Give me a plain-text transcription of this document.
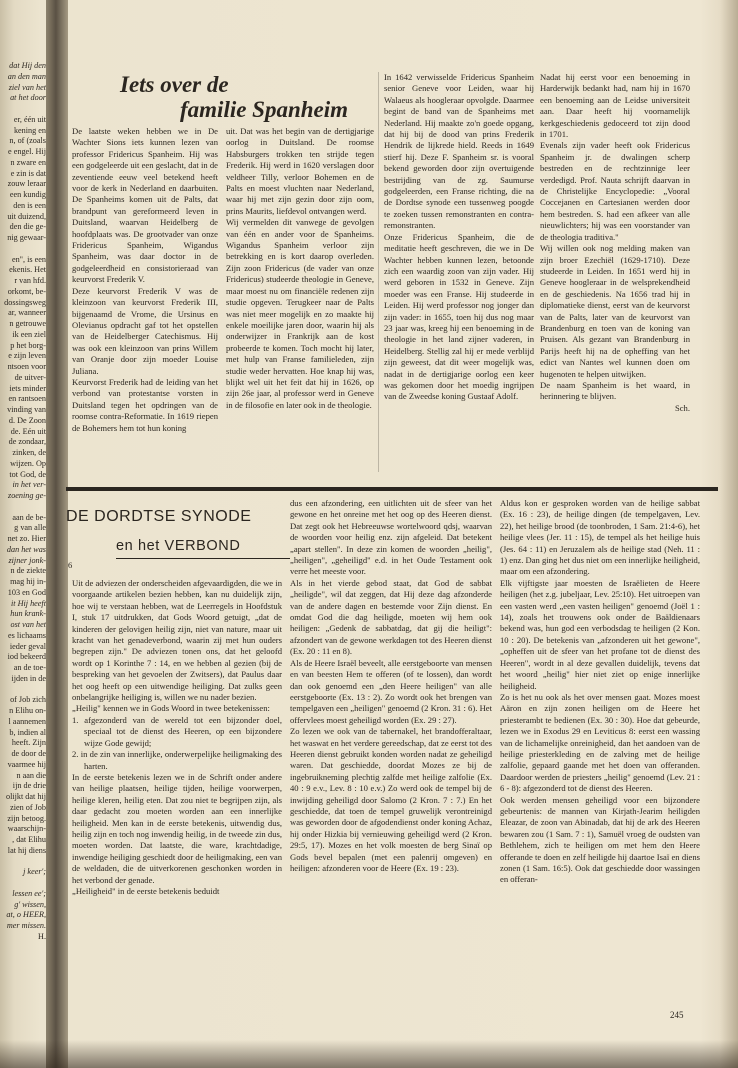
dat Hij den
an den man
ziel van het
at het door
er, één uit
kening en
n, of (zoals
e engel. Hij
n zware en
e zin is dat
zouw leraar
een kundig
den is een
uit duizend,
den die ge-
nig gewaar-
en", is een
ekenis. Het
r van hfd.
orkomt, be-
dossingsweg
ar, wanneer
n getrouwe
ik een ziel
p het borg-
e zijn leven
ntsoen voor
de uitver-
iets minder
en rantsoen
vinding van
d. De Zoon
de. Eén uit
de zondaar,
zinken, de
wijzen. Op
tot God, de
in het ver-
zoening ge-
aan de be-
g van alle
net zo. Hier
dan het was
zijner jonk-
n de ziekte
mag hij in-
103 en God
it Hij heeft
hun krank-
ost van het
es lichaams
ieder geval
iod bekeerd
an de toe-
ijden in de
of Job zich
n Elihu on-
l aannemen
b, indien al
heeft. Zijn
de door de
vaarmee hij
n aan die
ijn de drie
olijkt dat hij
zien of Job
zijn betoog.
waarschijn-
, dat Elihu
lat hij diens
j keer';
lessen ee';
g' wissen,
at, o HEER,
mer missen.
H.
Iets over de
familie Spanheim

De laatste weken hebben we in De Wachter Sions iets kunnen lezen van professor Fridericus Spanheim. Hij was een godgeleerde uit een geslacht, dat in de zeventiende eeuw veel betekend heeft voor de kerk in Nederland en daarbuiten. De Spanheims komen uit de Palts, dat brandpunt van gereformeerd leven in Duitsland, waarvan Heidelberg de hoofdplaats was. De grootvader van onze Fridericus Spanheim, Wigandus Spanheim, was daar doctor in de godgeleerdheid en consistorieraad van keurvorst Frederik V.

Deze keurvorst Frederik V was de kleinzoon van keurvorst Frederik III, bijgenaamd de Vrome, die Ursinus en Olevianus opdracht gaf tot het opstellen van de Heidelberger Catechismus. Hij was ook een kleinzoon van prins Willem van Oranje door zijn moeder Louise Juliana.

Keurvorst Frederik had de leiding van het verbond van protestantse vorsten in Duitsland tegen het opdringen van de roomse contra-Reformatie. In 1619 riepen de Bohemers hem tot hun koning

uit. Dat was het begin van de dertigjarige oorlog in Duitsland. De roomse Habsburgers trokken ten strijde tegen Frederik. Hij werd in 1620 verslagen door veldheer Tilly, verloor Bohemen en de Palts en moest vluchten naar Nederland, waar hij met zijn gezin door zijn oom, prins Maurits, liefdevol ontvangen werd.

Wij vermelden dit vanwege de gevolgen van één en ander voor de Spanheims. Wigandus Spanheim verloor zijn betrekking en is kort daarop overleden. Zijn zoon Fridericus (de vader van onze Fridericus) studeerde theologie in Geneve, maar moest nu om financiële redenen zijn studie opgeven. Terugkeer naar de Palts was niet meer mogelijk en zo maakte hij enkele moeilijke jaren door, waarin hij als onderwijzer in Frankrijk aan de kost probeerde te komen. Toch mocht hij later, met hulp van Franse familieleden, zijn studie weder hervatten. Hoe knap hij was, blijkt wel uit het feit dat hij in 1626, op zijn 26e jaar, al professor werd in Geneve in de filosofie en later ook in de theologie.

In 1642 verwisselde Fridericus Spanheim senior Geneve voor Leiden, waar hij Walaeus als hoogleraar opvolgde. Daarmee begint de band van de Spanheims met Nederland. Hij maakte zo'n goede opgang, dat hij bij de dood van prins Frederik Hendrik de lijkrede hield. Reeds in 1649 stierf hij. Deze F. Spanheim sr. is vooral bekend geworden door zijn overtuigende bestrijding van de zg. Saumurse godgeleerden, een Franse richting, die na de Dordtse synode een tussenweg poogde te zoeken tussen remonstranten en contra-remonstranten.

Onze Fridericus Spanheim, die de meditatie heeft geschreven, die we in De Wachter hebben kunnen lezen, betoonde zich een waardig zoon van zijn vader. Hij werd geboren in 1532 in Geneve. Zijn moeder was een Franse. Hij studeerde in Leiden. Hij werd professor nog jonger dan zijn vader: in 1655, toen hij dus nog maar 23 jaar was, kreeg hij een benoeming in de theologie in het land zijner vaderen, in Heidelberg. Stellig zal hij er mede verblijd zijn geweest, dat dit weer mogelijk was, nadat in de dertigjarige oorlog een keer was gekomen door het moedig ingrijpen van de Zweedse koning Gustaaf Adolf.

Nadat hij eerst voor een benoeming in Harderwijk bedankt had, nam hij in 1670 een benoeming aan de Leidse universiteit aan. Daar heeft hij voornamelijk kerkgeschiedenis gedoceerd tot zijn dood in 1701.

Evenals zijn vader heeft ook Fridericus Spanheim jr. de dwalingen scherp bestreden en de rechtzinnige leer verdedigd. Prof. Nauta schrijft daarvan in de Christelijke Encyclopedie: „Vooral Coccejanen en Cartesianen werden door hem bestreden. S. had een afkeer van alle nieuwlichters; hij was een voorstander van de theologia traditiva."

Wij willen ook nog melding maken van zijn broer Ezechiël (1629-1710). Deze studeerde in Leiden. In 1651 werd hij in Geneve hoogleraar in de welsprekendheid en de geschiedenis. Na 1656 trad hij in diplomatieke dienst, eerst van de keurvorst van de Palts, later van de keurvorst van Brandenburg en toen van de koning van Pruisen. Als gezant van Brandenburg in Parijs heeft hij na de opheffing van het edict van Nantes wel kunnen doen om hugenoten te helpen uitwijken.

De naam Spanheim is het waard, in herinnering te blijven.

Sch.

DE DORDTSE SYNODE
en het VERBOND
6

Uit de adviezen der onderscheiden afgevaardigden, die we in voorgaande artikelen bezien hebben, kan nu duidelijk zijn, hoe wij te verstaan hebben, wat de Leerregels in Hoofdstuk I, stuk 17 uitdrukken, dat Gods Woord getuigt, „dat de kinderen der gelovigen heilig zijn, niet van nature, maar uit kracht van het genadeverbond, waarin zij met hun ouders begrepen zijn." De adviezen tonen ons, dat het geloofd wordt op 1 Korinthe 7 : 14, en we hebben al gezien (bij de bespreking van het gevoelen der Zwitsers), dat Paulus daar het oog heeft op een uitwendige heiliging. Dat zulks geen onbelangrijke heiliging is, willen we nu nader bezien.

„Heilig" kennen we in Gods Woord in twee betekenissen:

1. afgezonderd van de wereld tot een bijzonder doel, speciaal tot de dienst des Heeren, op een bijzondere wijze Gode gewijd;

2. in de zin van innerlijke, onderwerpelijke heiligmaking des harten.

In de eerste betekenis lezen we in de Schrift onder andere van heilige plaatsen, heilige tijden, heilige voorwerpen, heilige kleren, heilig eten. Dat zou niet te begrijpen zijn, als daar gedacht zou moeten worden aan een innerlijke heiligheid. Men kan in de eerste betekenis, uitwendig dus, heilig zijn en toch nog inwendig heilig, in de tweede zin dus, moeten worden. Dat laatste, die ware, krachtdadige, inwendige heiliging geschiedt door de heiligmaking, een van de weldaden, die de uitverkorenen geschonken worden in het verbond der genade.

„Heiligheid" in de eerste betekenis beduidt

dus een afzondering, een uitlichten uit de sfeer van het gewone en het onreine met het oog op des Heeren dienst. Dat zegt ook het Hebreeuwse wortelwoord qdsj, waarvan de woorden voor heilig enz. zijn afgeleid. Dat betekent „apart stellen". In deze zin komen de woorden „heilig", „heiligen", „geheiligd" e.d. in het Oude Testament ook verre het meeste voor.

Als in het vierde gebod staat, dat God de sabbat „heiligde", wil dat zeggen, dat Hij deze dag afzonderde van de andere dagen en bestemde voor Zijn dienst. En omdat God die dag heiligde, moeten wij hem ook heiligen: „Gedenk de sabbatdag, dat gij die heiligt": afzondert van de gewone werkdagen tot des Heeren dienst (Ex. 20 : 11 en 8).

Als de Heere Israël beveelt, alle eerstgeboorte van mensen en van beesten Hem te offeren (of te lossen), dan wordt dan ook genoemd een „den Heere heiligen" van alle eerstgeboorte (Ex. 13 : 2). Zo wordt ook het brengen van tempelgaven een „heiligen" genoemd (2 Kron. 31 : 6). Het offervlees moest geheiligd worden (Ex. 29 : 27).

Zo lezen we ook van de tabernakel, het brandofferaltaar, het waswat en het verdere gereedschap, dat ze eerst tot des Heeren dienst gebruikt konden worden nadat ze geheiligd waren. Dat geschiedde, doordat Mozes ze bij de ingebruikneming plechtig zalfde met heilige zalfolie (Ex. 40 : 9 e.v., Lev. 8 : 10 e.v.) Zo werd ook de tempel bij de inwijding geheiligd door Salomo (2 Kron. 7 : 7.) En het geschiedde, dat toen de tempel gruwelijk verontreinigd was geworden door de afgodendienst onder koning Achaz, hij onder Hizkia bij vernieuwing geheiligd werd (2 Kron. 29:5, 17). Mozes en het volk moesten de berg Sinaï op Gods bevel bepalen (met een palenrij omgeven) en heiligen: afzonderen voor de Heere (Ex. 19 : 23).

Aldus kon er gesproken worden van de heilige sabbat (Ex. 16 : 23), de heilige dingen (de tempelgaven, Lev. 22), het heilige brood (de toonbroden, 1 Sam. 21:4-6), het heilige vlees (Jer. 11 : 15), de tempel als het heilige huis (Jes. 64 : 11) en Jeruzalem als de heilige stad (Neh. 11 : 1) enz. Dan ging het dus niet om een innerlijke heiligheid, maar om een afzondering.

Elk vijftigste jaar moesten de Israëlieten de Heere heiligen (het z.g. jubeljaar, Lev. 25:10). Het uitroepen van een vasten werd „een vasten heiligen" genoemd (Joël 1 : 14), zoals het trouwens ook onder de Baäldienaars bekend was, hun god een verbodsdag te heiligen (2 Kon. 10 : 20). De betekenis van „afzonderen uit het gewone", „opheffen uit de sfeer van het profane tot de dienst des Heeren", wordt in al deze gevallen duidelijk, tevens dat het woord „heilig" hier niet ziet op enige innerlijke heiligheid.

Zo is het nu ook als het over mensen gaat. Mozes moest Aäron en zijn zonen heiligen om de Heere het priesterambt te bedienen (Ex. 30 : 30). Hoe dat gebeurde, lezen we in Exodus 29 en Leviticus 8: eerst een wassing van de lichamelijke onreinigheid, dan het aandoen van de heilige priesterkleding en de zalving met de heilige zalfolie, gepaard gaande met het doen van offeranden. Daardoor werden de priesters „heilig" genoemd (Lev. 21 : 6 - 8): afgezonderd tot de dienst des Heeren.

Ook werden mensen geheiligd voor een bijzondere gebeurtenis: de mannen van Kirjath-Jearim heiligden Eleazar, de zoon van Abinadab, dat hij de ark des Heeren bewaren zou (1 Sam. 7 : 1), Samuël vroeg de oudsten van Bethlehem, zich te heiligen om met hem den Heere offerande te doen en zelf heiligde hij daartoe Isaï en diens zonen (1 Sam. 16:5). Ook dat geschiedde door wassingen en offeran-

245
